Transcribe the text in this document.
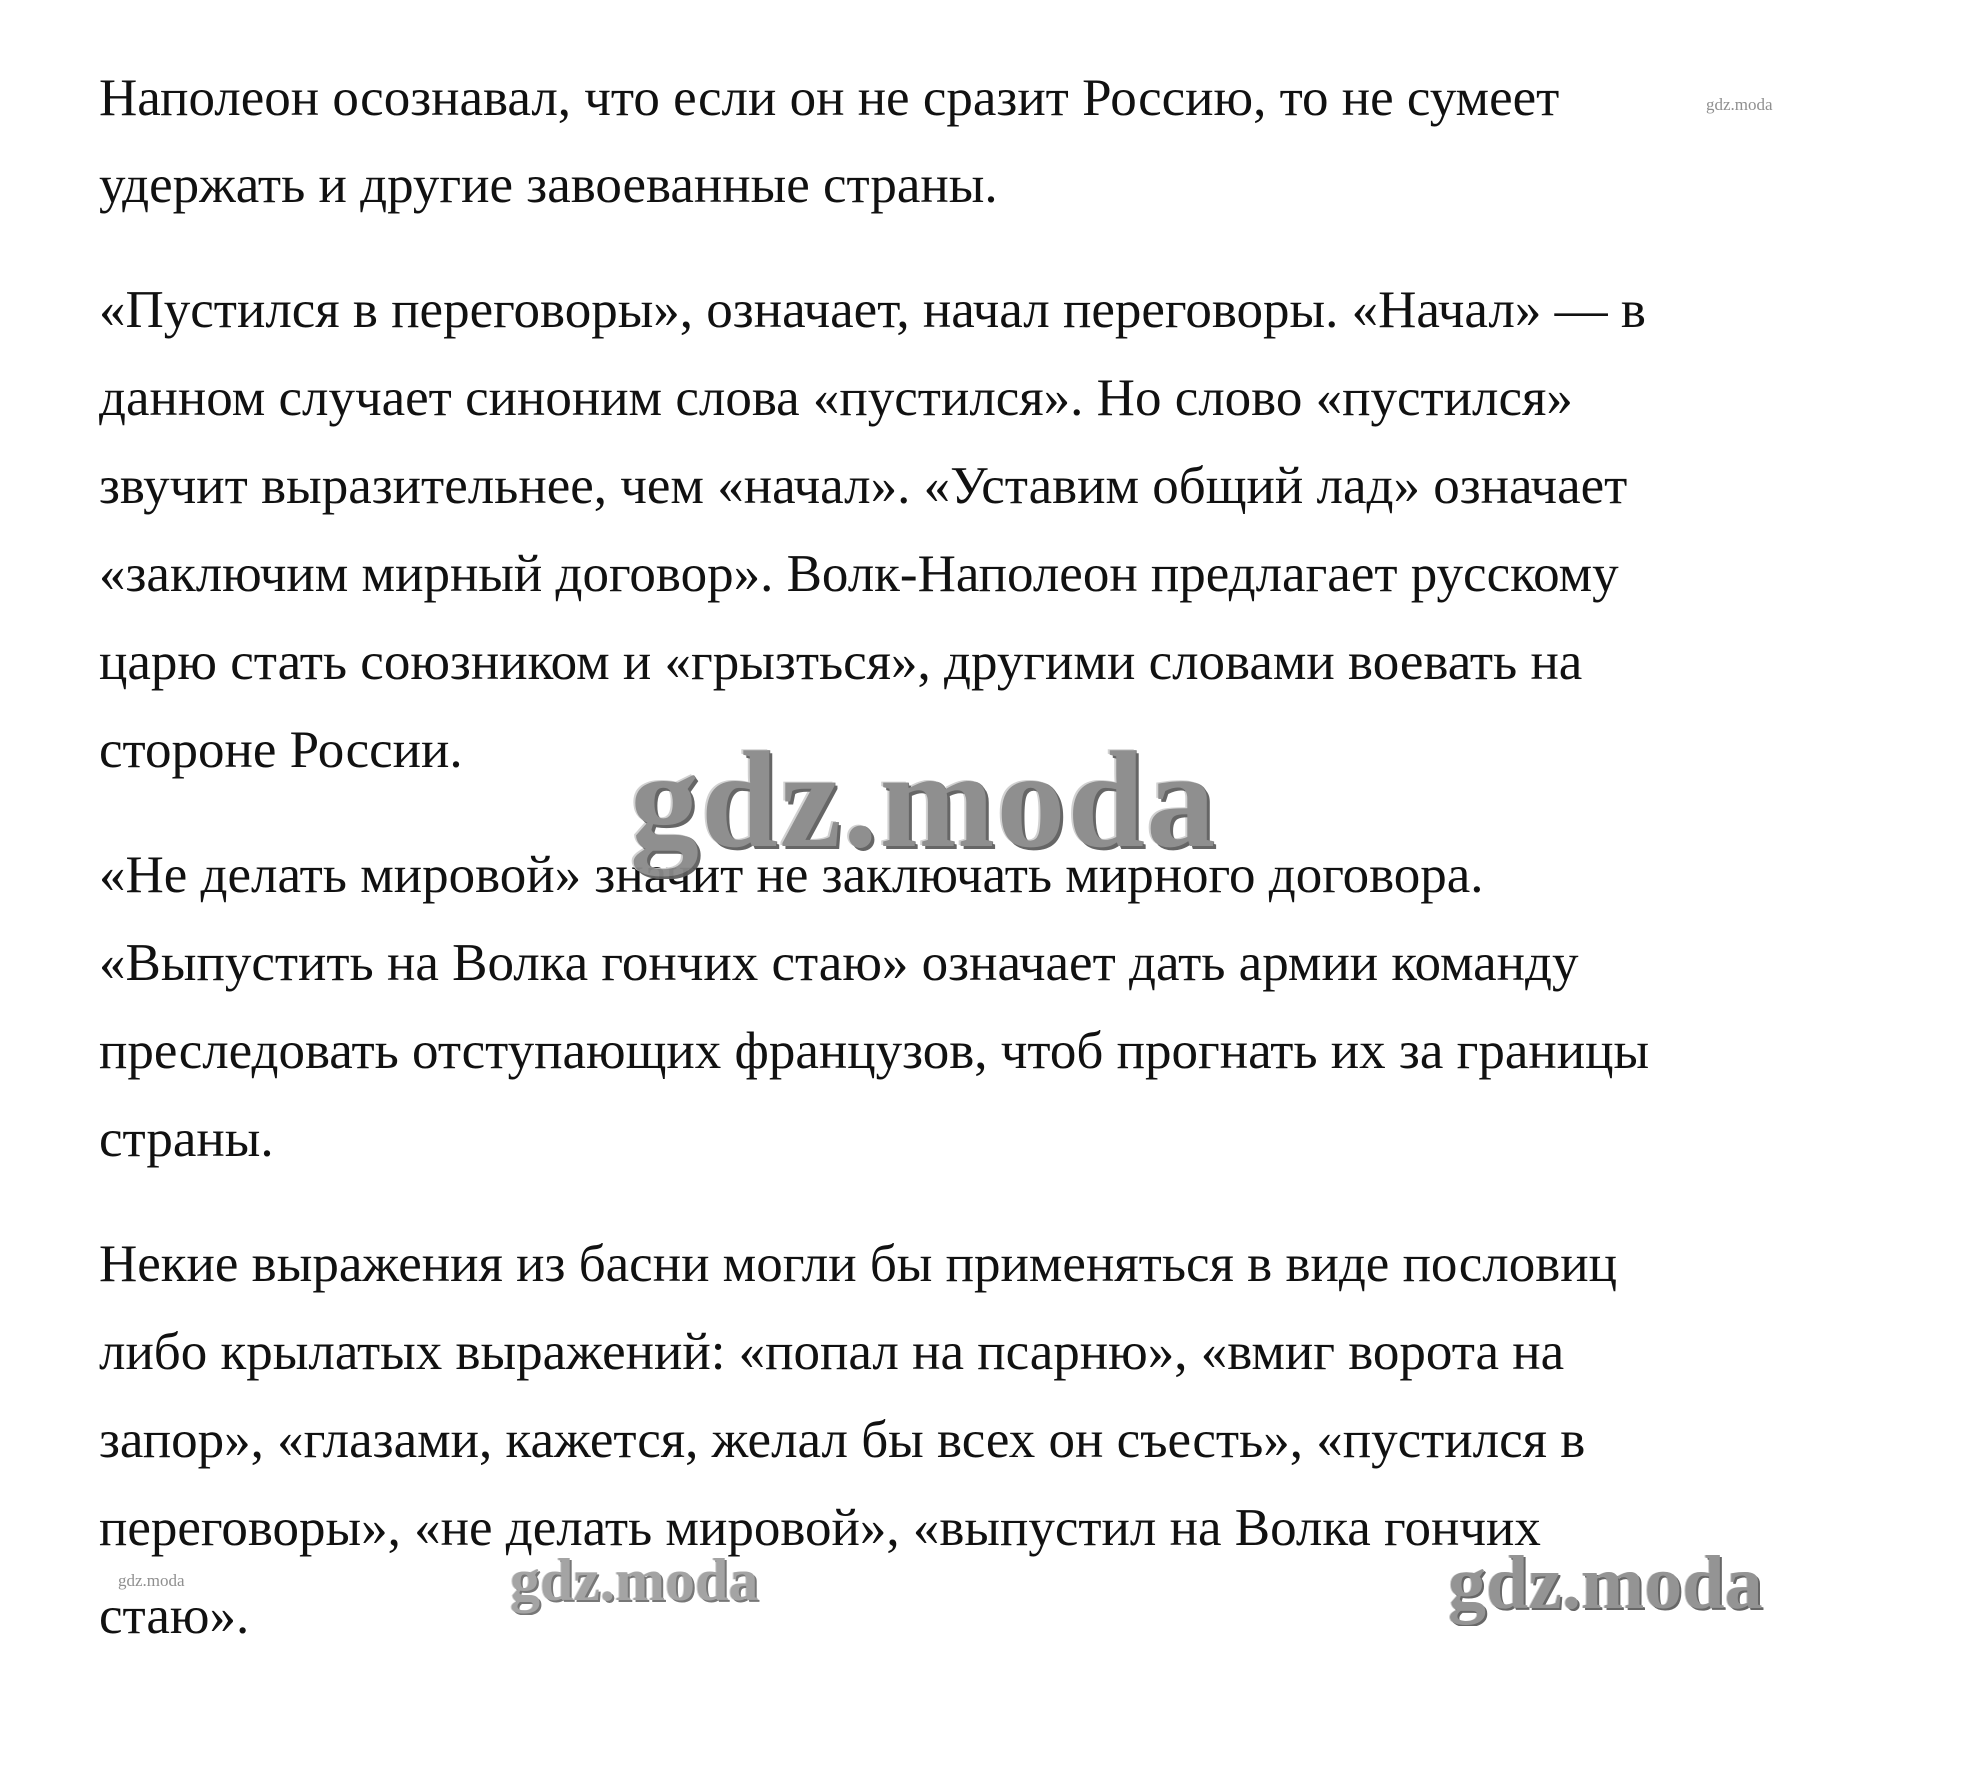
Наполеон осознавал, что если он не сразит Россию, то не сумеет
удержать и другие завоеванные страны.
«Пустился в переговоры», означает, начал переговоры. «Начал» — в
данном случает синоним слова «пустился». Но слово «пустился»
звучит выразительнее, чем «начал». «Уставим общий лад» означает
«заключим мирный договор». Волк-Наполеон предлагает русскому
царю стать союзником и «грызться», другими словами воевать на
стороне России.
«Не делать мировой» значит не заключать мирного договора.
«Выпустить на Волка гончих стаю» означает дать армии команду
преследовать отступающих французов, чтоб прогнать их за границы
страны.
Некие выражения из басни могли бы применяться в виде пословиц
либо крылатых выражений: «попал на псарню», «вмиг ворота на
запор», «глазами, кажется, желал бы всех он съесть», «пустился в
переговоры», «не делать мировой», «выпустил на Волка гончих
стаю».
gdz.moda
gdz.moda	gdz.moda
gdz.moda
gdz.moda
